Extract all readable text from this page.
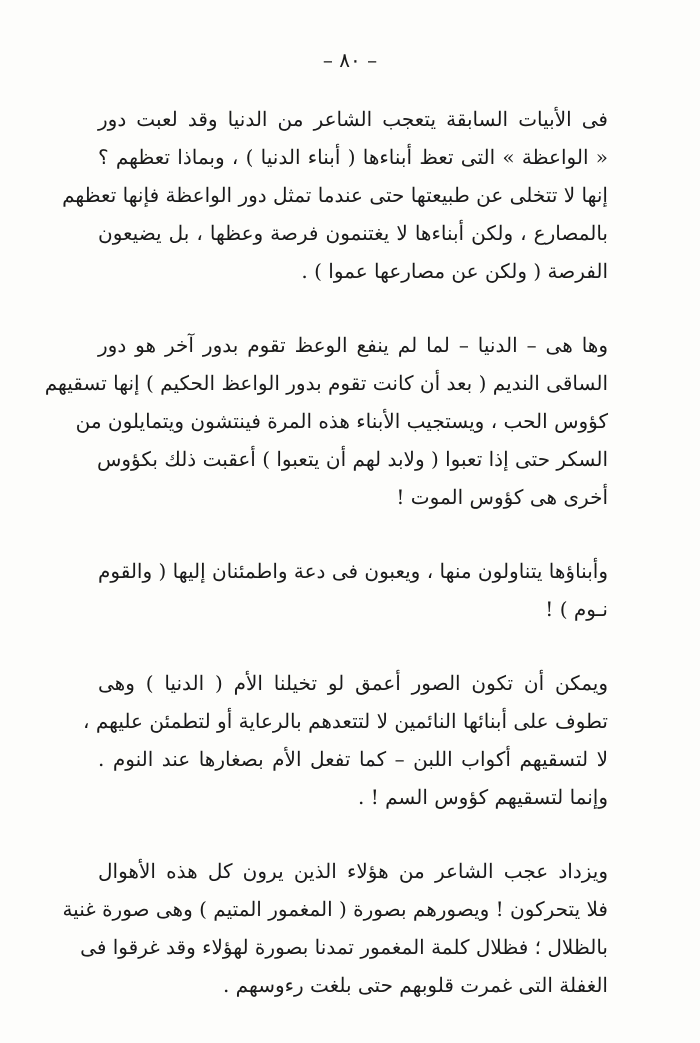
– ٨٠ –
فى الأبيات السابقة يتعجب الشاعر من الدنيا وقد لعبت دور
« الواعظة » التى تعظ أبناءها ( أبناء الدنيا ) ، وبماذا تعظهم ؟
إنها لا تتخلى عن طبيعتها حتى عندما تمثل دور الواعظة فإنها تعظهم
بالمصارع ، ولكن أبناءها لا يغتنمون فرصة وعظها ، بل يضيعون
الفرصة ( ولكن عن مصارعها عموا ) .
وها هى – الدنيا – لما لم ينفع الوعظ تقوم بدور آخر هو دور
الساقى النديم ( بعد أن كانت تقوم بدور الواعظ الحكيم ) إنها تسقيهم
كؤوس الحب ، ويستجيب الأبناء هذه المرة فينتشون ويتمايلون من
السكر حتى إذا تعبوا ( ولابد لهم أن يتعبوا ) أعقبت ذلك بكؤوس
أخرى هى كؤوس الموت !
وأبناؤها يتناولون منها ، ويعبون فى دعة واطمئنان إليها ( والقوم
نـوم ) !
ويمكن أن تكون الصور أعمق لو تخيلنا الأم ( الدنيا ) وهى
تطوف على أبنائها النائمين لا لتتعدهم بالرعاية أو لتطمئن عليهم ،
لا لتسقيهم أكواب اللبن – كما تفعل الأم بصغارها عند النوم .
وإنما لتسقيهم كؤوس السم ! .
ويزداد عجب الشاعر من هؤلاء الذين يرون كل هذه الأهوال
فلا يتحركون ! ويصورهم بصورة ( المغمور المتيم ) وهى صورة غنية
بالظلال ؛ فظلال كلمة المغمور تمدنا بصورة لهؤلاء وقد غرقوا فى
الغفلة التى غمرت قلوبهم حتى بلغت رءوسهم .
